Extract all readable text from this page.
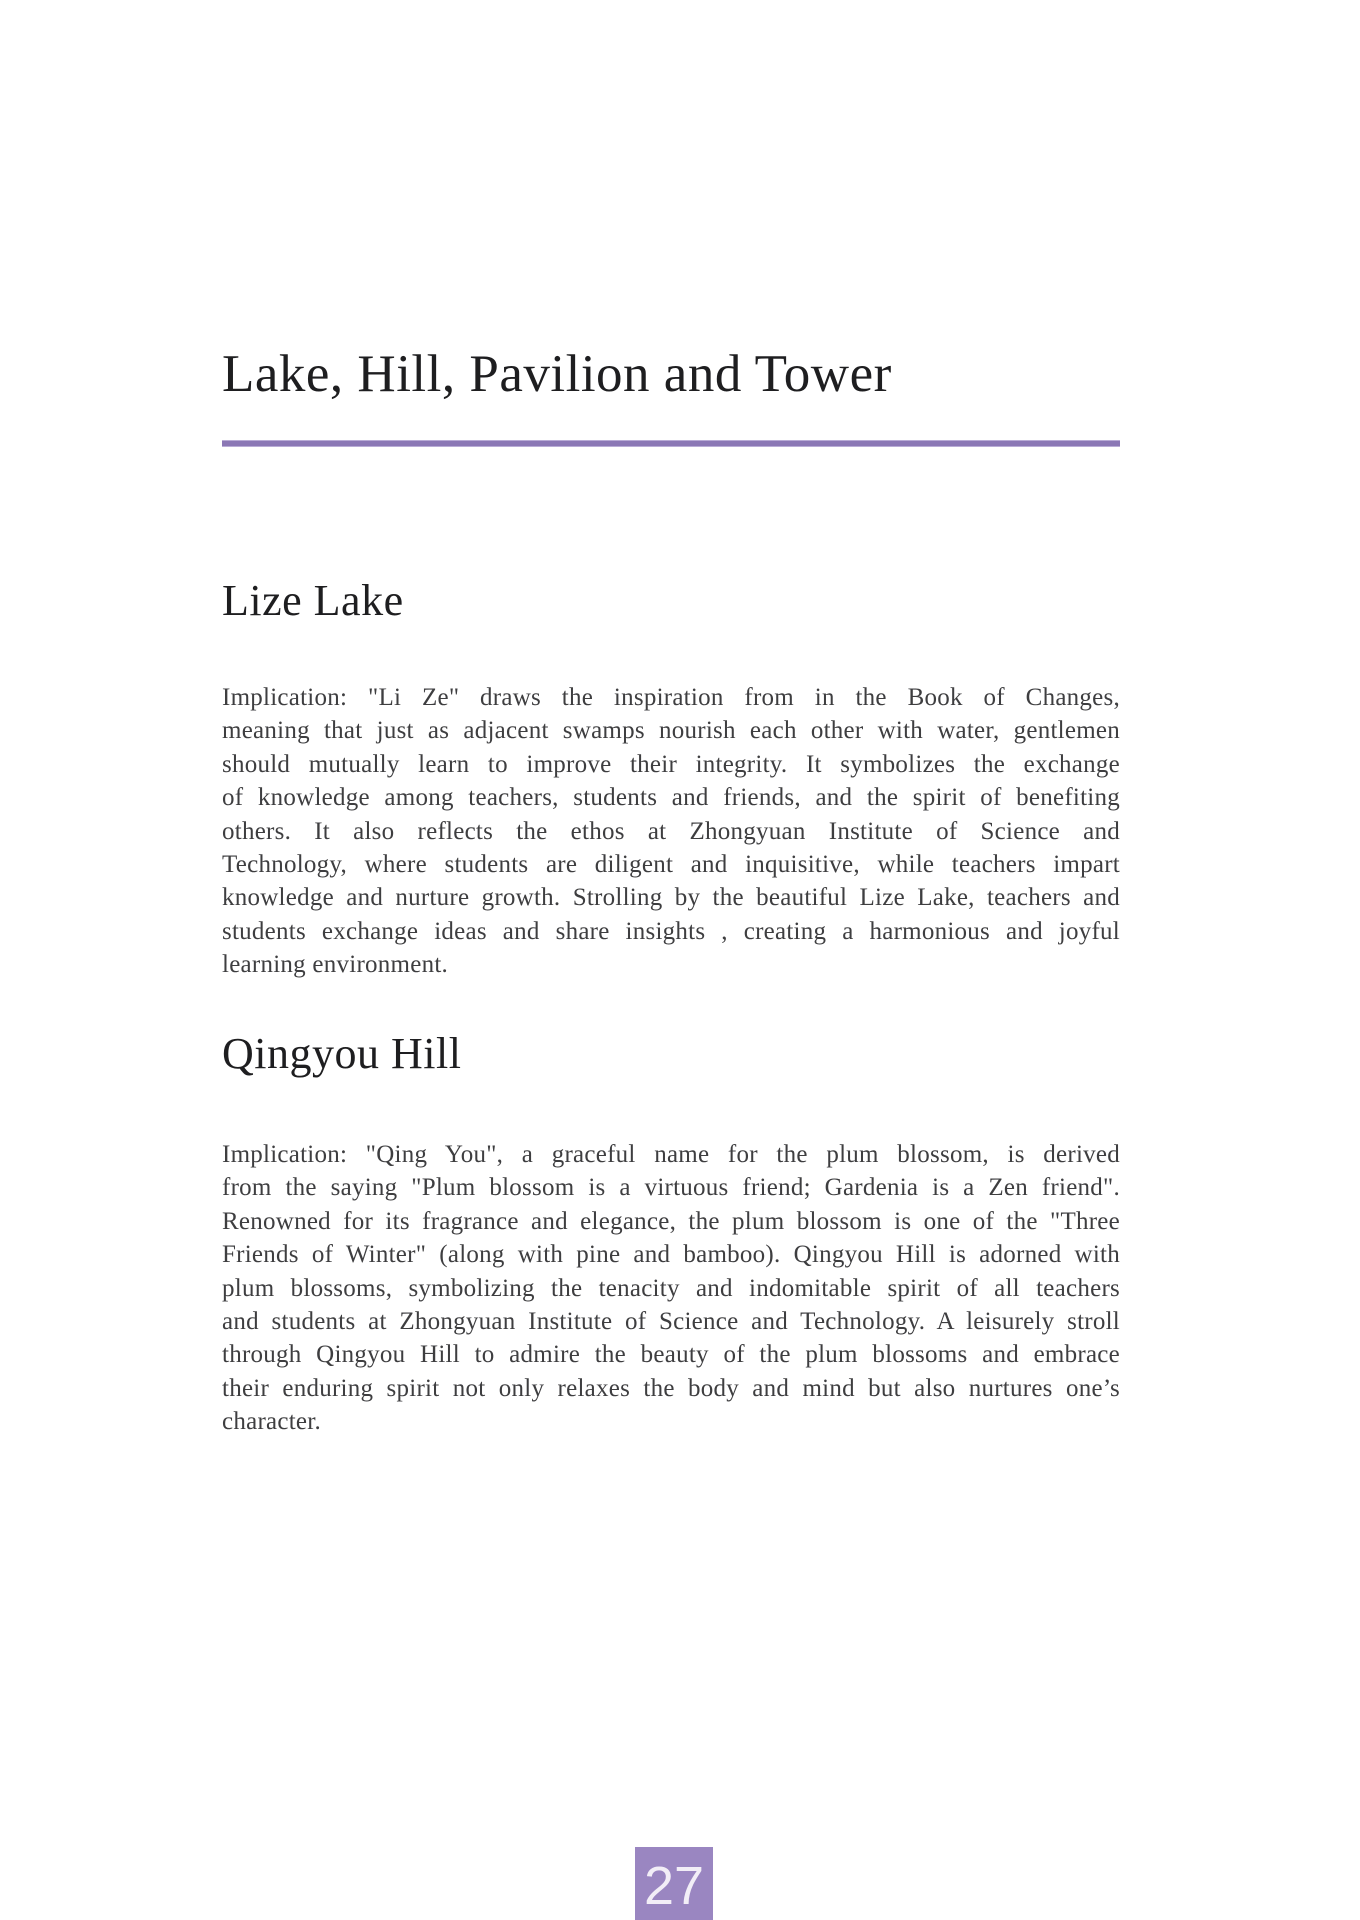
Lake, Hill, Pavilion and Tower
Lize Lake
Implication: "Li Ze" draws the inspiration from in the Book of Changes,
meaning that just as adjacent swamps nourish each other with water, gentlemen
should mutually learn to improve their integrity. It symbolizes the exchange
of knowledge among teachers, students and friends, and the spirit of benefiting
others. It also reflects the ethos at Zhongyuan Institute of Science and
Technology, where students are diligent and inquisitive, while teachers impart
knowledge and nurture growth. Strolling by the beautiful Lize Lake, teachers and
students exchange ideas and share insights , creating a harmonious and joyful
learning environment.
Qingyou Hill
Implication: "Qing You", a graceful name for the plum blossom, is derived
from the saying "Plum blossom is a virtuous friend; Gardenia is a Zen friend".
Renowned for its fragrance and elegance, the plum blossom is one of the "Three
Friends of Winter" (along with pine and bamboo). Qingyou Hill is adorned with
plum blossoms, symbolizing the tenacity and indomitable spirit of all teachers
and students at Zhongyuan Institute of Science and Technology. A leisurely stroll
through Qingyou Hill to admire the beauty of the plum blossoms and embrace
their enduring spirit not only relaxes the body and mind but also nurtures one’s
character.
27
